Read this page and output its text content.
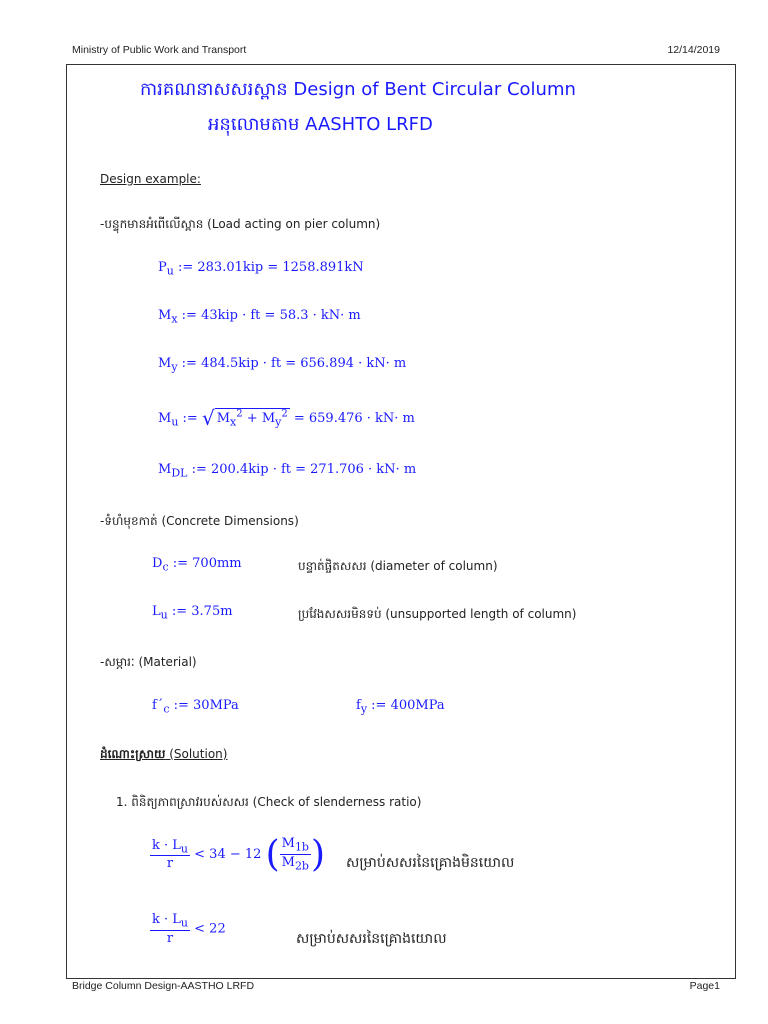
Ministry of Public Work and Transport	12/14/2019
ការគណនាសសរស្ពាន Design of Bent Circular Column
អនុលោមតាម AASHTO LRFD
Design example:
-បន្ទុកមានអំពើលើស្ពាន (Load acting on pier column)
$P_u$ := 283.01kip = 1258.891kN
$M_x$ := 43kip · ft = 58.3 · kN· m
$M_y$ := 484.5kip · ft = 656.894 · kN· m
$M_u$ := √ $M_x^2 + M_y^2 = 659.476 \cdot kN\cdot m$
$M_{DL}$ := 200.4kip · ft = 271.706 · kN· m
-ទំហំមុខកាត់ (Concrete Dimensions)
$D_c$ := 700mm	បន្ទាត់ផ្ចិតសសរ (diameter of column)
$L_u$ := 3.75m	ប្រវែងសសរមិនទប់ (unsupported length of column)
-សម្ភារៈ (Material)
$f´_c$ := 30MPa	$f_y$ := 400MPa
ដំណោះស្រាយ (Solution)
1. ពិនិត្យភាពស្រាវរបស់សសរ (Check of slenderness ratio)
$\frac{k \cdot L_u}{r} < 34 - 12$ ( $\frac{M_{1b}}{M_{2b}}$ ) សម្រាប់សសរនៃគ្រោងមិនយោល
$\frac{k \cdot L_u}{r} < 22$
សម្រាប់សសរនៃគ្រោងយោល
Bridge Column Design-AASTHO LRFD	Page1
